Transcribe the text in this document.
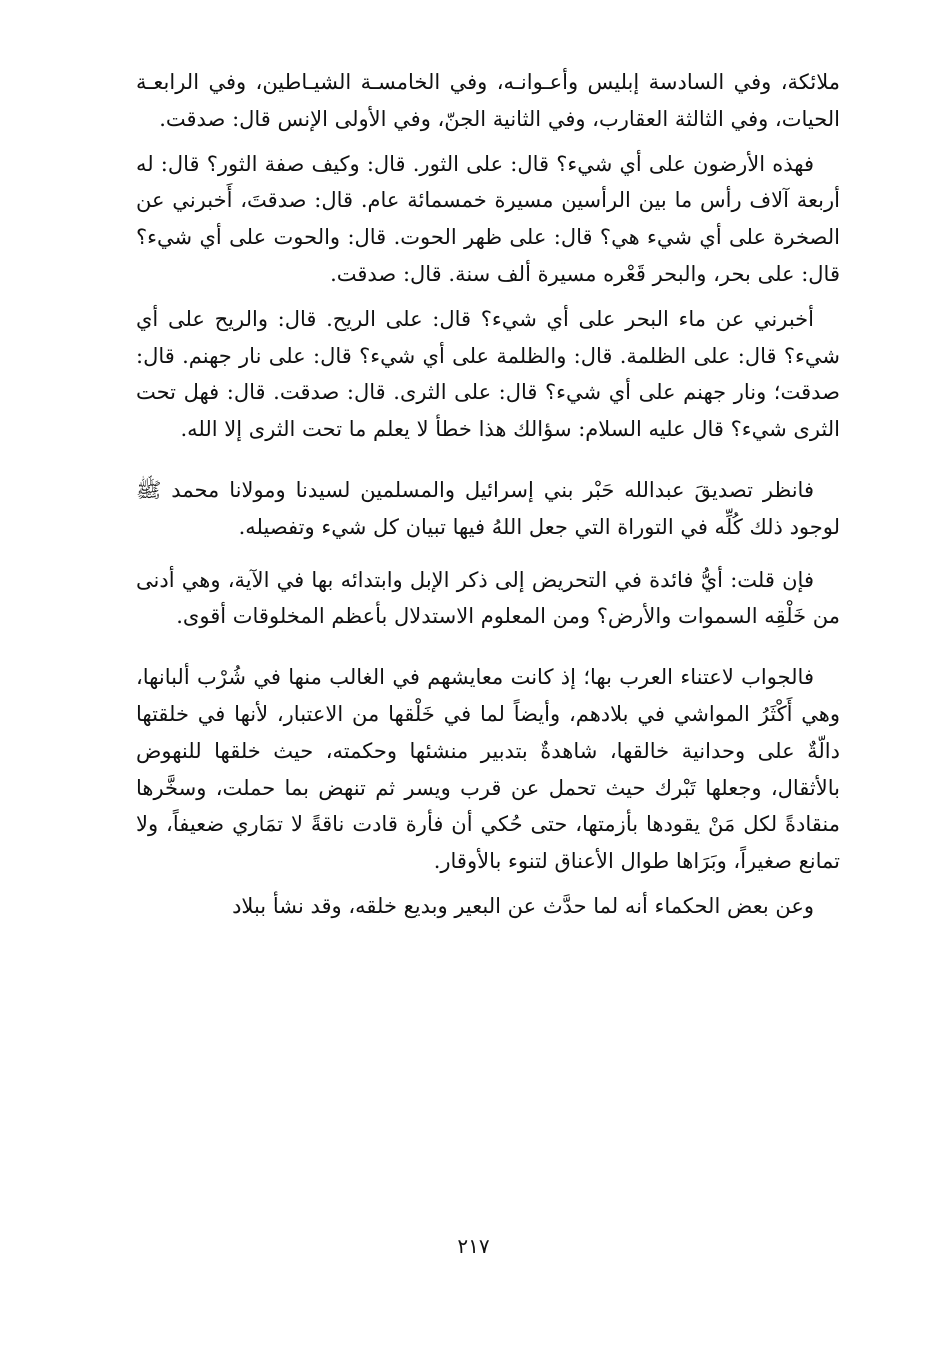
ملائكة، وفي السادسة إبليس وأعـوانـه، وفي الخامسـة الشيـاطين، وفي الرابعـة الحيات، وفي الثالثة العقارب، وفي الثانية الجنّ، وفي الأولى الإنس قال: صدقت.

فهذه الأرضون على أي شيء؟ قال: على الثور. قال: وكيف صفة الثور؟ قال: له أربعة آلاف رأس ما بين الرأسين مسيرة خمسمائة عام. قال: صدقتَ، أَخبرني عن الصخرة على أي شيء هي؟ قال: على ظهر الحوت. قال: والحوت على أي شيء؟ قال: على بحر، والبحر قَعْره مسيرة ألف سنة. قال: صدقت.

أخبرني عن ماء البحر على أي شيء؟ قال: على الريح. قال: والريح على أي شيء؟ قال: على الظلمة. قال: والظلمة على أي شيء؟ قال: على نار جهنم. قال: صدقت؛ ونار جهنم على أي شيء؟ قال: على الثرى. قال: صدقت. قال: فهل تحت الثرى شيء؟ قال عليه السلام: سؤالك هذا خطأ لا يعلم ما تحت الثرى إلا الله.

فانظر تصديقَ عبدالله حَبْر بني إسرائيل والمسلمين لسيدنا ومولانا محمد ﷺ لوجود ذلك كُلِّه في التوراة التي جعل اللهُ فيها تبيان كل شيء وتفصيله.

فإن قلت: أيُّ فائدة في التحريض إلى ذكر الإبل وابتدائه بها في الآية، وهي أدنى من خَلْقِه السموات والأرض؟ ومن المعلوم الاستدلال بأعظم المخلوقات أقوى.

فالجواب لاعتناء العرب بها؛ إذ كانت معايشهم في الغالب منها في شُرْب ألبانها، وهي أَكْثَرُ المواشي في بلادهم، وأيضاً لما في خَلْقها من الاعتبار، لأنها في خلقتها دالّةٌ على وحدانية خالقها، شاهدةٌ بتدبير منشئها وحكمته، حيث خلقها للنهوض بالأثقال، وجعلها تَبْرك حيث تحمل عن قرب ويسر ثم تنهض بما حملت، وسخَّرها منقادةً لكل مَنْ يقودها بأزمتها، حتى حُكي أن فأرة قادت ناقةً لا تمَاري ضعيفاً، ولا تمانع صغيراً، وبَرَاها طوال الأعناق لتنوء بالأوقار.

وعن بعض الحكماء أنه لما حدَّث عن البعير وبديع خلقه، وقد نشأ ببلاد

٢١٧
